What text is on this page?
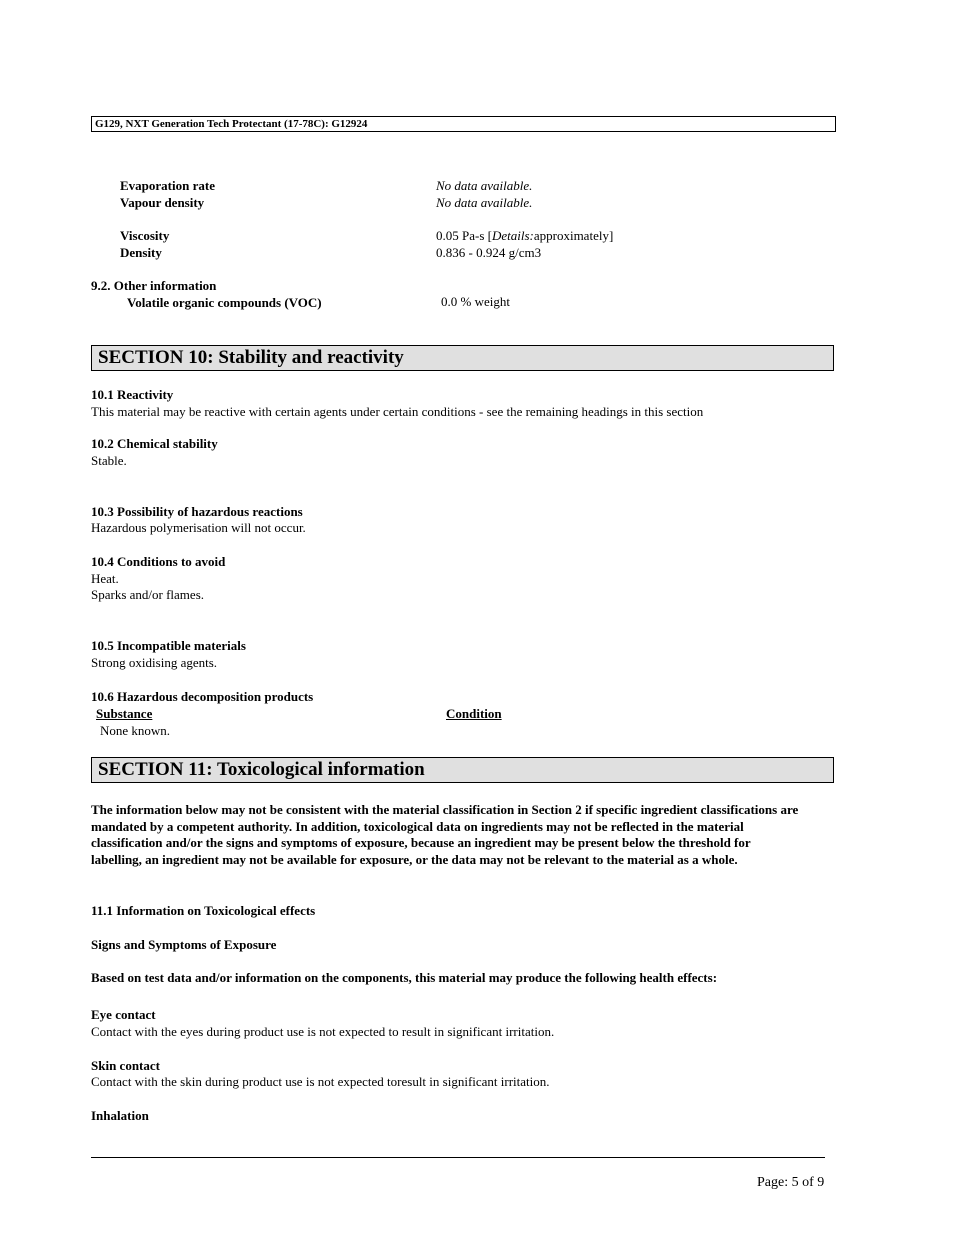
G129, NXT Generation Tech Protectant (17-78C): G12924
Evaporation rate	No data available.
Vapour density	No data available.
Viscosity	0.05 Pa-s [Details:approximately]
Density	0.836 - 0.924 g/cm3
9.2. Other information
Volatile organic compounds (VOC)	0.0 % weight
SECTION 10: Stability and reactivity
10.1 Reactivity
This material may be reactive with certain agents under certain conditions - see the remaining headings in this section
10.2 Chemical stability
Stable.
10.3 Possibility of hazardous reactions
Hazardous polymerisation will not occur.
10.4 Conditions to avoid
Heat.
Sparks and/or flames.
10.5 Incompatible materials
Strong oxidising agents.
10.6 Hazardous decomposition products
Substance	Condition
None known.
SECTION 11: Toxicological information
The information below may not be consistent with the material classification in Section 2 if specific ingredient classifications are mandated by a competent authority. In addition, toxicological data on ingredients may not be reflected in the material classification and/or the signs and symptoms of exposure, because an ingredient may be present below the threshold for labelling, an ingredient may not be available for exposure, or the data may not be relevant to the material as a whole.
11.1 Information on Toxicological effects
Signs and Symptoms of Exposure
Based on test data and/or information on the components, this material may produce the following health effects:
Eye contact
Contact with the eyes during product use is not expected to result in significant irritation.
Skin contact
Contact with the skin during product use is not expected toresult in significant irritation.
Inhalation
Page: 5 of 9
